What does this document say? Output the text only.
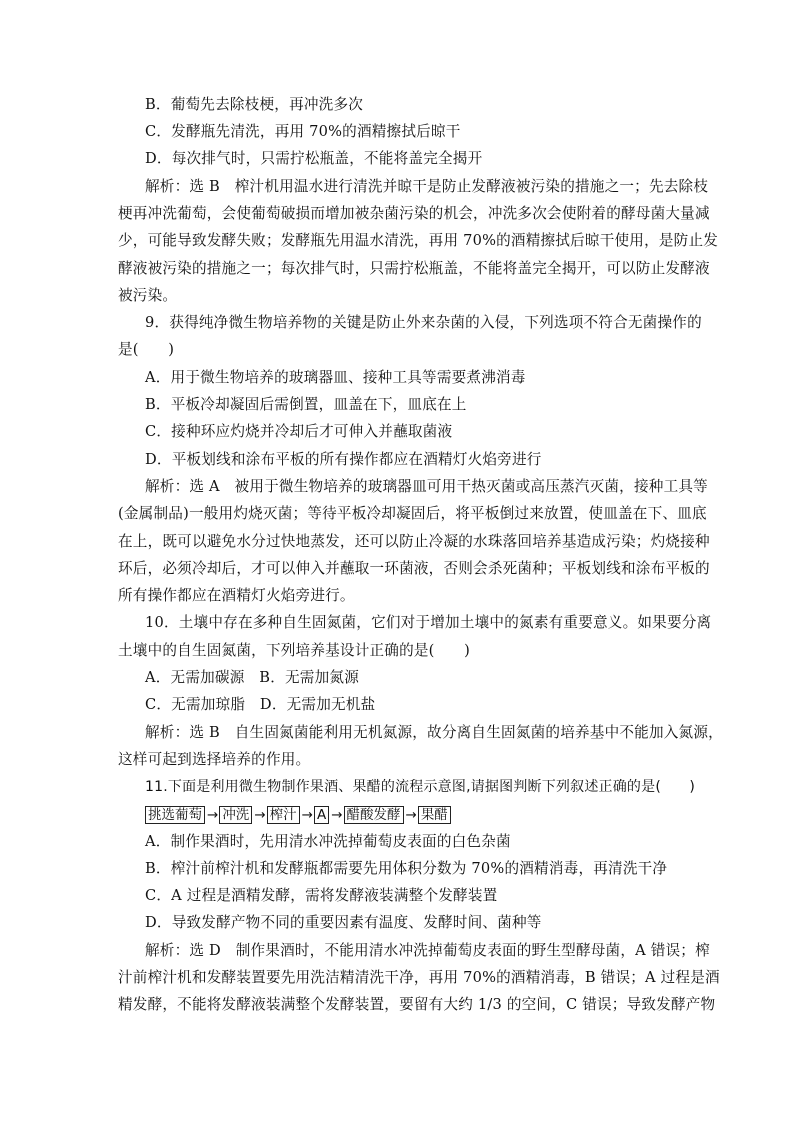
B．葡萄先去除枝梗，再冲洗多次
C．发酵瓶先清洗，再用 70%的酒精擦拭后晾干
D．每次排气时，只需拧松瓶盖，不能将盖完全揭开
解析：选 B　榨汁机用温水进行清洗并晾干是防止发酵液被污染的措施之一；先去除枝
梗再冲洗葡萄，会使葡萄破损而增加被杂菌污染的机会，冲洗多次会使附着的酵母菌大量减
少，可能导致发酵失败；发酵瓶先用温水清洗，再用 70%的酒精擦拭后晾干使用，是防止发
酵液被污染的措施之一；每次排气时，只需拧松瓶盖，不能将盖完全揭开，可以防止发酵液
被污染。
9．获得纯净微生物培养物的关键是防止外来杂菌的入侵，下列选项不符合无菌操作的
是(　　)
A．用于微生物培养的玻璃器皿、接种工具等需要煮沸消毒
B．平板冷却凝固后需倒置，皿盖在下，皿底在上
C．接种环应灼烧并冷却后才可伸入并蘸取菌液
D．平板划线和涂布平板的所有操作都应在酒精灯火焰旁进行
解析：选 A　被用于微生物培养的玻璃器皿可用干热灭菌或高压蒸汽灭菌，接种工具等
(金属制品)一般用灼烧灭菌；等待平板冷却凝固后，将平板倒过来放置，使皿盖在下、皿底
在上，既可以避免水分过快地蒸发，还可以防止冷凝的水珠落回培养基造成污染；灼烧接种
环后，必须冷却后，才可以伸入并蘸取一环菌液，否则会杀死菌种；平板划线和涂布平板的
所有操作都应在酒精灯火焰旁进行。
10．土壤中存在多种自生固氮菌，它们对于增加土壤中的氮素有重要意义。如果要分离
土壤中的自生固氮菌，下列培养基设计正确的是(　　)
A．无需加碳源　B．无需加氮源
C．无需加琼脂　D．无需加无机盐
解析：选 B　自生固氮菌能利用无机氮源，故分离自生固氮菌的培养基中不能加入氮源，
这样可起到选择培养的作用。
11.下面是利用微生物制作果酒、果醋的流程示意图,请据图判断下列叙述正确的是(　　)
挑选葡萄 → 冲洗 → 榨汁 → A → 醋酸发酵 → 果醋
A．制作果酒时，先用清水冲洗掉葡萄皮表面的白色杂菌
B．榨汁前榨汁机和发酵瓶都需要先用体积分数为 70%的酒精消毒，再清洗干净
C．A 过程是酒精发酵，需将发酵液装满整个发酵装置
D．导致发酵产物不同的重要因素有温度、发酵时间、菌种等
解析：选 D　制作果酒时，不能用清水冲洗掉葡萄皮表面的野生型酵母菌，A 错误；榨
汁前榨汁机和发酵装置要先用洗洁精清洗干净，再用 70%的酒精消毒，B 错误；A 过程是酒
精发酵，不能将发酵液装满整个发酵装置，要留有大约 1/3 的空间，C 错误；导致发酵产物
